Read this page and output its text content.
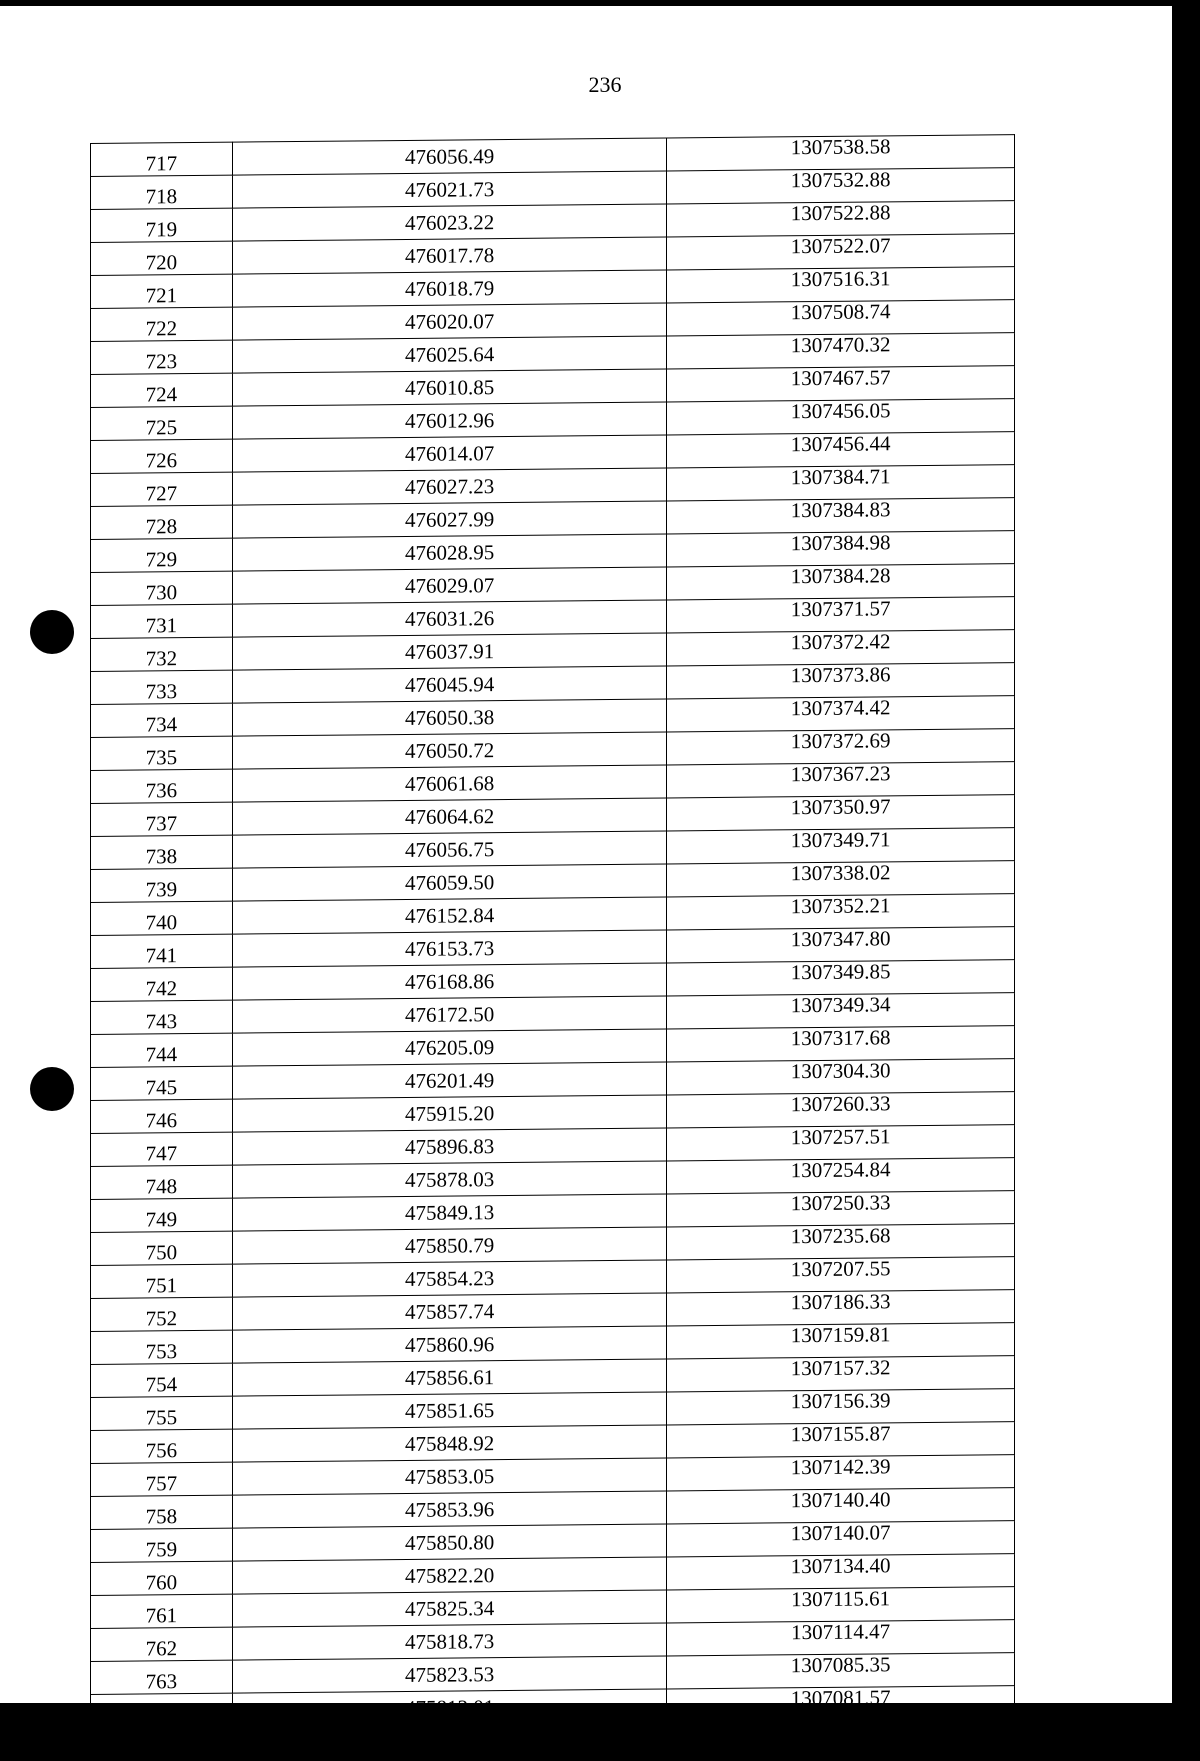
236
717	476056.49	1307538.58
718	476021.73	1307532.88
719	476023.22	1307522.88
720	476017.78	1307522.07
721	476018.79	1307516.31
722	476020.07	1307508.74
723	476025.64	1307470.32
724	476010.85	1307467.57
725	476012.96	1307456.05
726	476014.07	1307456.44
727	476027.23	1307384.71
728	476027.99	1307384.83
729	476028.95	1307384.98
730	476029.07	1307384.28
731	476031.26	1307371.57
732	476037.91	1307372.42
733	476045.94	1307373.86
734	476050.38	1307374.42
735	476050.72	1307372.69
736	476061.68	1307367.23
737	476064.62	1307350.97
738	476056.75	1307349.71
739	476059.50	1307338.02
740	476152.84	1307352.21
741	476153.73	1307347.80
742	476168.86	1307349.85
743	476172.50	1307349.34
744	476205.09	1307317.68
745	476201.49	1307304.30
746	475915.20	1307260.33
747	475896.83	1307257.51
748	475878.03	1307254.84
749	475849.13	1307250.33
750	475850.79	1307235.68
751	475854.23	1307207.55
752	475857.74	1307186.33
753	475860.96	1307159.81
754	475856.61	1307157.32
755	475851.65	1307156.39
756	475848.92	1307155.87
757	475853.05	1307142.39
758	475853.96	1307140.40
759	475850.80	1307140.07
760	475822.20	1307134.40
761	475825.34	1307115.61
762	475818.73	1307114.47
763	475823.53	1307085.35
764	475813.01	1307081.57
765	475803.46	1307078.14
